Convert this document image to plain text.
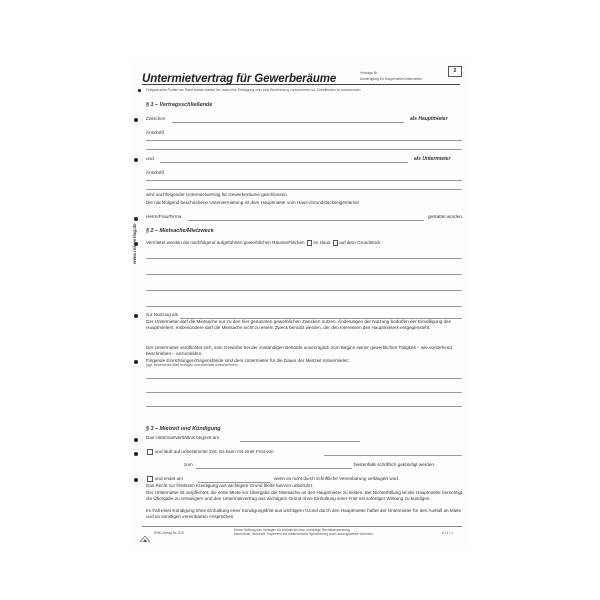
Untermietvertrag für Gewerberäume	Vertrags-Nr.
Ausfertigung für Hauptmieter/Untermieter
2
Fettgedruckte Punkte am Rand weisen darauf hin, dass eine Eintragung oder eine Bestimmung vorzunehmen ist. Zutreffendes ist anzukreuzen.
§ 1 – Vertragsschließende
Zwischen	als Hauptmieter
Anschrift
und	als Untermieter
Anschrift
wird nachfolgender Untermietvertrag für Gewerberäume geschlossen.
Die nachfolgend beschriebene Untervermietung ist dem Hauptmieter vom Haus-/Grundstückseigentümer
Herrn/Frau/Firma	gestattet worden.
§ 2 – Mietsache/Mietzweck
Vermietet werden die nachfolgend aufgeführten gewerblichen Räume/Flächen im Haus auf dem Grundstück
zur Nutzung als
Der Untermieter darf die Mietsache nur zu den hier genannten gewerblichen Zwecken nutzen. Änderungen der Nutzung bedürfen der Einwilligung des Hauptmieters. Insbesondere darf die Mietsache nicht zu einem Zweck benutzt werden, der den Interessen des Hauptmieters entgegensteht.
Der Untermieter verpflichtet sich, sein Gewerbe bei der zuständigen Behörde unverzüglich zum Beginn seiner gewerblichen Tätigkeit – wie vorstehend beschrieben – anzumelden.
Folgende Einrichtungen/Gegenstände sind dem Untermieter für die Dauer der Mietzeit mitvermietet:
(ggf. besonderes Blatt beifügen und ebenfalls unterzeichnen)
§ 3 – Mietzeit und Kündigung
Das Untermietverhältnis beginnt am
und läuft auf unbestimmte Zeit. Es kann mit einer Frist von
zum	bestenfalls schriftlich gekündigt werden.
und endet am	wenn es nicht durch schriftliche Vereinbarung verlängert wird.
Das Recht zur fristlosen Kündigung aus wichtigem Grund bleibt hiervon unberührt.
Der Untermieter ist verpflichtet, die erste Miete vor Übergabe der Mietsache an den Hauptmieter zu leisten. Bei Nichterfüllung ist der Hauptmieter berechtigt, die Übergabe zu verweigern und den Untermietvertrag aus wichtigem Grund ohne Einhaltung einer Frist mit sofortiger Wirkung zu kündigen.
Im Fall einer Kündigung ohne Einhaltung einer Kündigungsfrist aus wichtigem Grund durch den Hauptmieter haftet der Untermieter für den Ausfall an Miete und an sonstigen vereinbarten Ansprüchen.
RNK-Verlag Nr. 519
Keine Haftung des Verlages für irrtümliche bzw. unrichtige Rechtsanwendung.
Nachdruck, Abschrift, Kopieren und elektronische Speicherung auch auszugsweise verboten.	6.11 / 1
www.rnk-verlag.de
